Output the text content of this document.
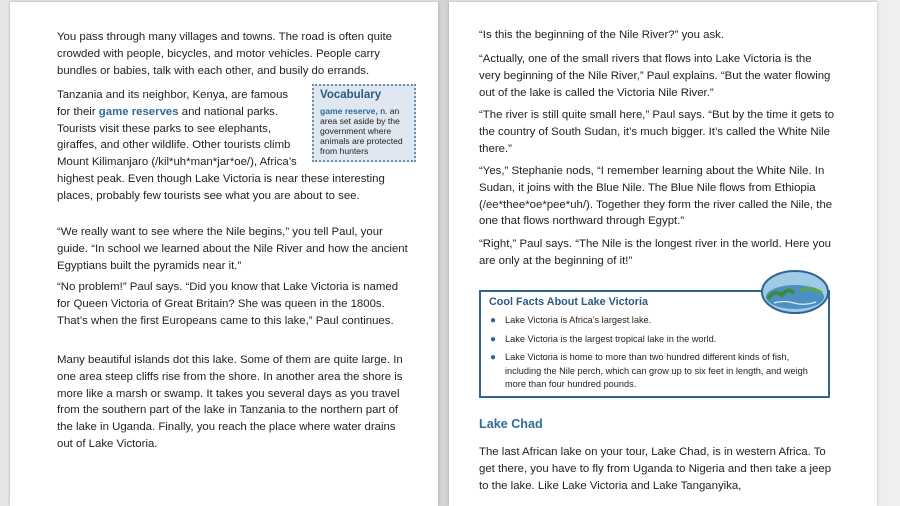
You pass through many villages and towns. The road is often quite crowded with people, bicycles, and motor vehicles. People carry bundles or babies, talk with each other, and busily do errands.

Vocabulary
game reserve, n. an area set aside by the government where animals are protected from hunters
Tanzania and its neighbor, Kenya, are famous for their game reserves and national parks. Tourists visit these parks to see elephants, giraffes, and other wildlife. Other tourists climb Mount Kilimanjaro (/kil*uh*man*jar*oe/), Africa’s highest peak. Even though Lake Victoria is near these interesting places, probably few tourists see what you are about to see.

“We really want to see where the Nile begins,” you tell Paul, your guide. “In school we learned about the Nile River and how the ancient Egyptians built the pyramids near it.”

“No problem!” Paul says. “Did you know that Lake Victoria is named for Queen Victoria of Great Britain? She was queen in the 1800s. That’s when the first Europeans came to this lake,” Paul continues.

Many beautiful islands dot this lake. Some of them are quite large. In one area steep cliffs rise from the shore. In another area the shore is more like a marsh or swamp. It takes you several days as you travel from the southern part of the lake in Tanzania to the northern part of the lake in Uganda. Finally, you reach the place where water drains out of Lake Victoria.

“Is this the beginning of the Nile River?” you ask.

“Actually, one of the small rivers that flows into Lake Victoria is the very beginning of the Nile River,” Paul explains. “But the water flowing out of the lake is called the Victoria Nile River.”

“The river is still quite small here,” Paul says. “But by the time it gets to the country of South Sudan, it’s much bigger. It’s called the White Nile there.”

“Yes,” Stephanie nods, “I remember learning about the White Nile. In Sudan, it joins with the Blue Nile. The Blue Nile flows from Ethiopia (/ee*thee*oe*pee*uh/). Together they form the river called the Nile, the one that flows northward through Egypt.”

“Right,” Paul says. “The Nile is the longest river in the world. Here you are only at the beginning of it!”

Cool Facts About Lake Victoria
● Lake Victoria is Africa’s largest lake.
● Lake Victoria is the largest tropical lake in the world.
● Lake Victoria is home to more than two hundred different kinds of fish, including the Nile perch, which can grow up to six feet in length, and weigh more than four hundred pounds.
Lake Chad

The last African lake on your tour, Lake Chad, is in western Africa. To get there, you have to fly from Uganda to Nigeria and then take a jeep to the lake. Like Lake Victoria and Lake Tanganyika,
